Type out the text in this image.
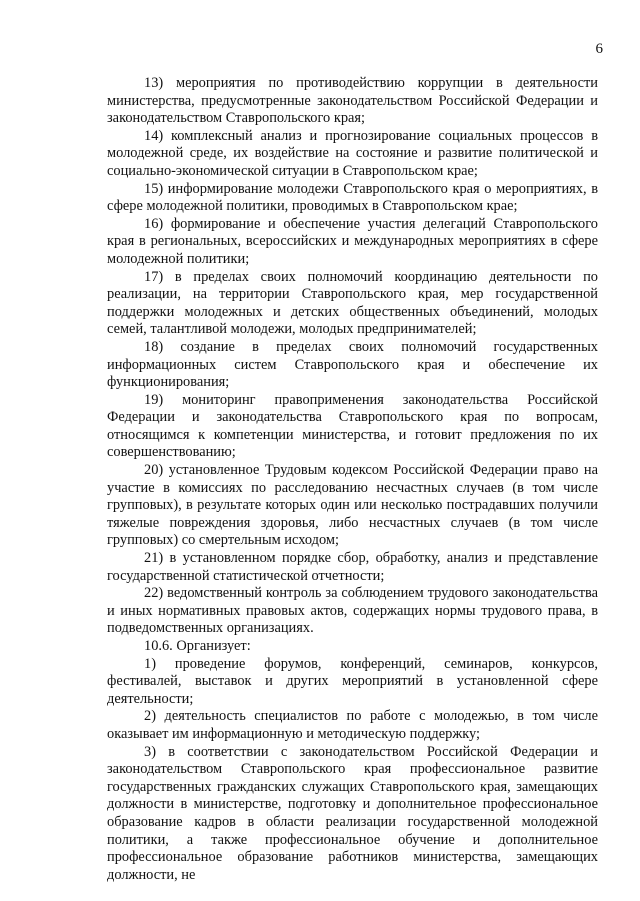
6

13) мероприятия по противодействию коррупции в деятельности министерства, предусмотренные законодательством Российской Федерации и законодательством Ставропольского края;

14) комплексный анализ и прогнозирование социальных процессов в молодежной среде, их воздействие на состояние и развитие политической и социально-экономической ситуации в Ставропольском крае;

15) информирование молодежи Ставропольского края о мероприятиях, в сфере молодежной политики, проводимых в Ставропольском крае;

16) формирование и обеспечение участия делегаций Ставропольского края в региональных, всероссийских и международных мероприятиях в сфере молодежной политики;

17) в пределах своих полномочий координацию деятельности по реализации, на территории Ставропольского края, мер государственной поддержки молодежных и детских общественных объединений, молодых семей, талантливой молодежи, молодых предпринимателей;

18) создание в пределах своих полномочий государственных информационных систем Ставропольского края и обеспечение их функционирования;

19) мониторинг правоприменения законодательства Российской Федерации и законодательства Ставропольского края по вопросам, относящимся к компетенции министерства, и готовит предложения по их совершенствованию;

20) установленное Трудовым кодексом Российской Федерации право на участие в комиссиях по расследованию несчастных случаев (в том числе групповых), в результате которых один или несколько пострадавших получили тяжелые повреждения здоровья, либо несчастных случаев (в том числе групповых) со смертельным исходом;

21) в установленном порядке сбор, обработку, анализ и представление государственной статистической отчетности;

22) ведомственный контроль за соблюдением трудового законодательства и иных нормативных правовых актов, содержащих нормы трудового права, в подведомственных организациях.

10.6. Организует:

1) проведение форумов, конференций, семинаров, конкурсов, фестивалей, выставок и других мероприятий в установленной сфере деятельности;

2) деятельность специалистов по работе с молодежью, в том числе оказывает им информационную и методическую поддержку;

3) в соответствии с законодательством Российской Федерации и законодательством Ставропольского края профессиональное развитие государственных гражданских служащих Ставропольского края, замещающих должности в министерстве, подготовку и дополнительное профессиональное образование кадров в области реализации государственной молодежной политики, а также профессиональное обучение и дополнительное профессиональное образование работников министерства, замещающих должности, не
